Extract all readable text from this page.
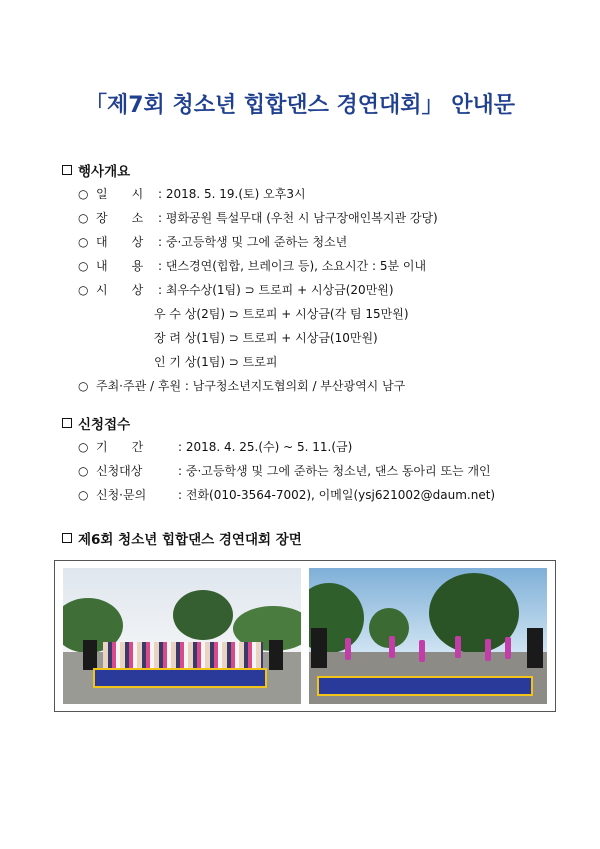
「제7회 청소년 힙합댄스 경연대회」 안내문
행사개요
○ 일　　시 : 2018. 5. 19.(토) 오후3시
○ 장　　소 : 평화공원 특설무대 (우천 시 남구장애인복지관 강당)
○ 대　　상 : 중·고등학생 및 그에 준하는 청소년
○ 내　　용 : 댄스경연(힙합, 브레이크 등), 소요시간 : 5분 이내
○ 시　　상 : 최우수상(1팀) ⊃ 트로피 + 시상금(20만원)
우 수 상(2팀) ⊃ 트로피 + 시상금(각 팀 15만원)
장 려 상(1팀) ⊃ 트로피 + 시상금(10만원)
인 기 상(1팀) ⊃ 트로피
○ 주최·주관 / 후원 : 남구청소년지도협의회 / 부산광역시 남구
신청접수
○ 기　　간	: 2018. 4. 25.(수) ~ 5. 11.(금)
○ 신청대상	: 중·고등학생 및 그에 준하는 청소년, 댄스 동아리 또는 개인
○ 신청·문의	: 전화(010-3564-7002), 이메일(ysj621002@daum.net)
제6회 청소년 힙합댄스 경연대회 장면
